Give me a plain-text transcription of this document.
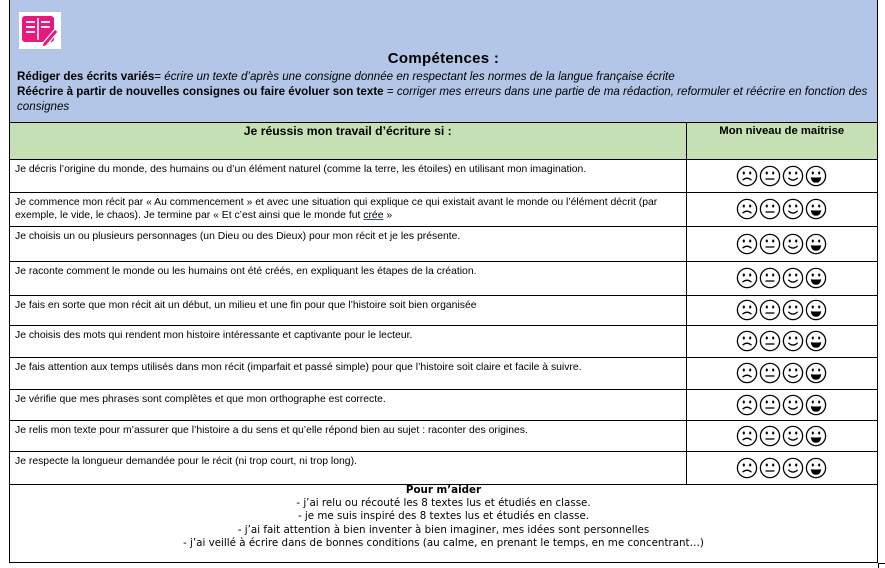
Compétences :
Rédiger des écrits variés= écrire un texte d’après une consigne donnée en respectant les normes de la langue française écrite
Réécrire à partir de nouvelles consignes ou faire évoluer son texte = corriger mes erreurs dans une partie de ma rédaction, reformuler et réécrire en fonction des consignes
Je réussis mon travail d’écriture si :	Mon niveau de maitrise
Je décris l’origine du monde, des humains ou d’un élément naturel (comme la terre, les étoiles) en utilisant mon imagination.	
Je commence mon récit par « Au commencement » et avec une situation qui explique ce qui existait avant le monde ou l’élément décrit (par exemple, le vide, le chaos). Je termine par « Et c’est ainsi que le monde fut crée »	
Je choisis un ou plusieurs personnages (un Dieu ou des Dieux) pour mon récit et je les présente.	
Je raconte comment le monde ou les humains ont été créés, en expliquant les étapes de la création.	
Je fais en sorte que mon récit ait un début, un milieu et une fin pour que l’histoire soit bien organisée	
Je choisis des mots qui rendent mon histoire intéressante et captivante pour le lecteur.	
Je fais attention aux temps utilisés dans mon récit (imparfait et passé simple) pour que l’histoire soit claire et facile à suivre.	
Je vérifie que mes phrases sont complètes et que mon orthographe est correcte.	
Je relis mon texte pour m’assurer que l’histoire a du sens et qu’elle répond bien au sujet : raconter des origines.	
Je respecte la longueur demandée pour le récit (ni trop court, ni trop long).	
Pour m’aider
- j’ai relu ou récouté les 8 textes lus et étudiés en classe.
- je me suis inspiré des 8 textes lus et étudiés en classe.
- j’ai fait attention à bien inventer à bien imaginer, mes idées sont personnelles
- j’ai veillé à écrire dans de bonnes conditions (au calme, en prenant le temps, en me concentrant…)
